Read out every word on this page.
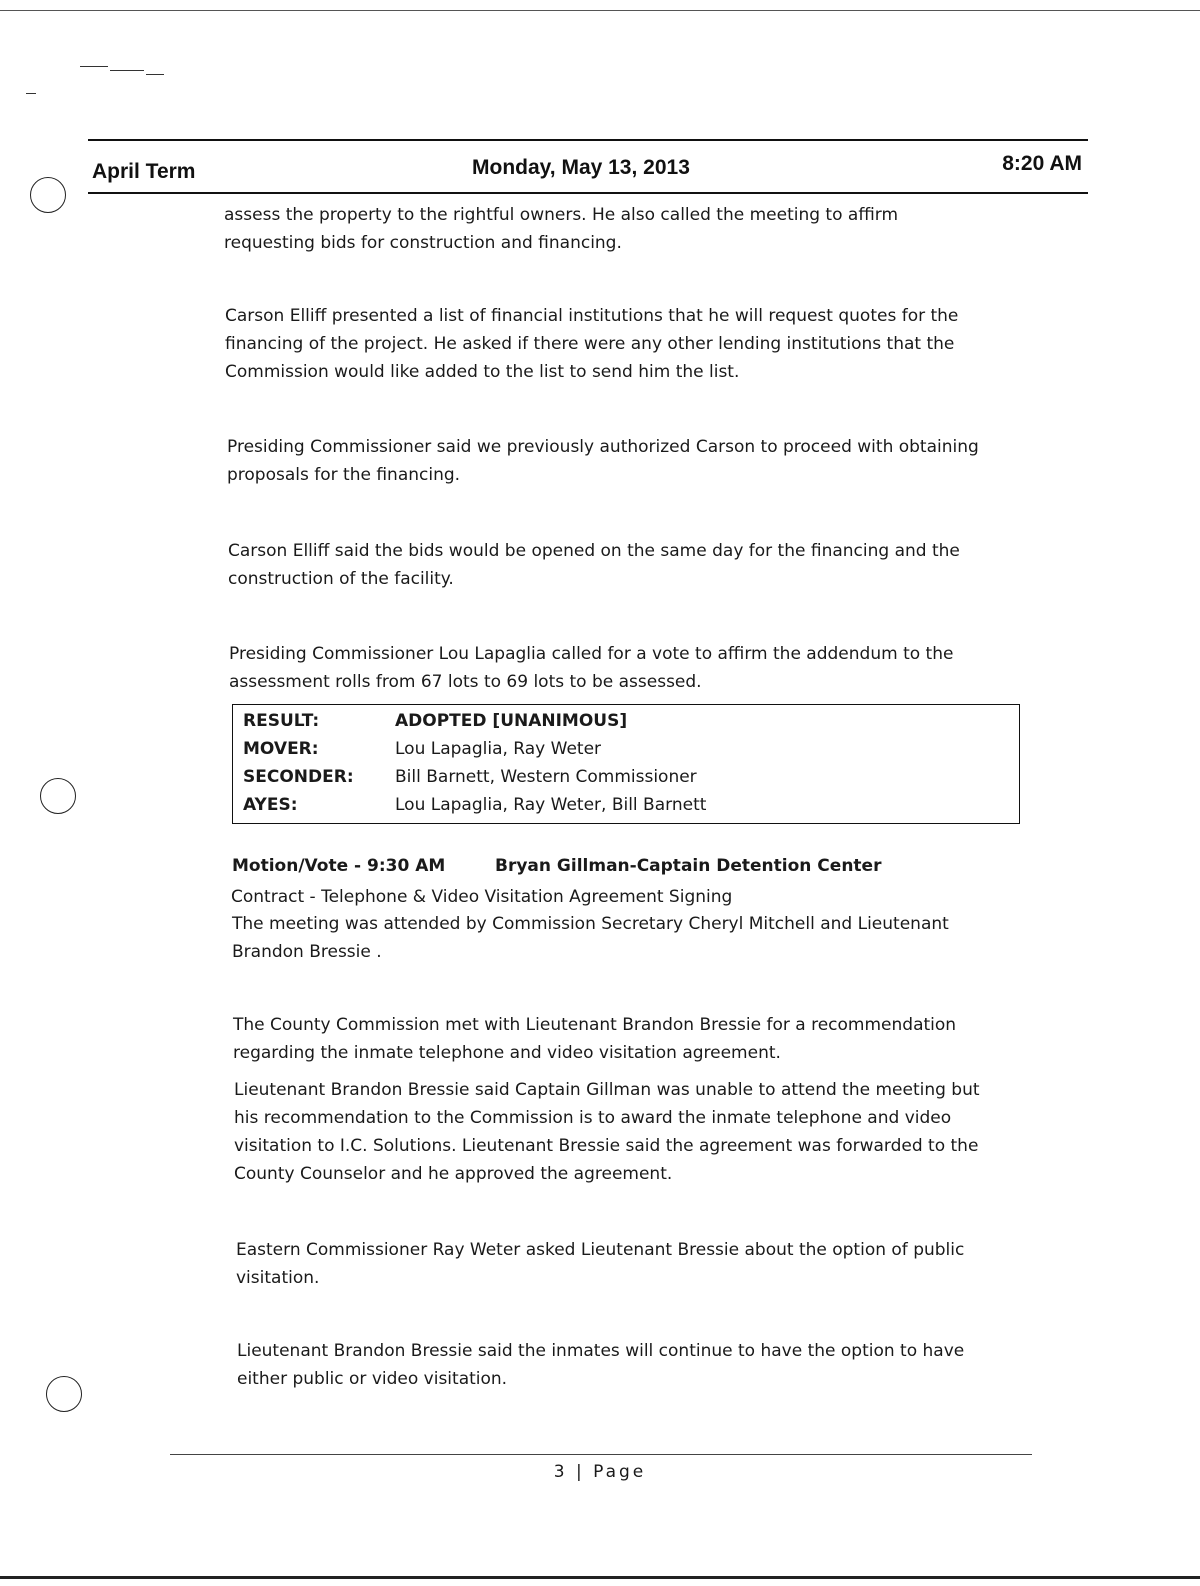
April Term	Monday, May 13, 2013	8:20 AM
assess the property to the rightful owners. He also called the meeting to affirm
requesting bids for construction and financing.
Carson Elliff presented a list of financial institutions that he will request quotes for the
financing of the project. He asked if there were any other lending institutions that the
Commission would like added to the list to send him the list.
Presiding Commissioner said we previously authorized Carson to proceed with obtaining
proposals for the financing.
Carson Elliff said the bids would be opened on the same day for the financing and the
construction of the facility.
Presiding Commissioner Lou Lapaglia called for a vote to affirm the addendum to the
assessment rolls from 67 lots to 69 lots to be assessed.
RESULT:	ADOPTED [UNANIMOUS]
MOVER:	Lou Lapaglia, Ray Weter
SECONDER: Bill Barnett, Western Commissioner
AYES:	Lou Lapaglia, Ray Weter, Bill Barnett
Motion/Vote - 9:30 AM	Bryan Gillman-Captain Detention Center
Contract - Telephone & Video Visitation Agreement Signing
The meeting was attended by Commission Secretary Cheryl Mitchell and Lieutenant
Brandon Bressie .
The County Commission met with Lieutenant Brandon Bressie for a recommendation
regarding the inmate telephone and video visitation agreement.
Lieutenant Brandon Bressie said Captain Gillman was unable to attend the meeting but
his recommendation to the Commission is to award the inmate telephone and video
visitation to I.C. Solutions. Lieutenant Bressie said the agreement was forwarded to the
County Counselor and he approved the agreement.
Eastern Commissioner Ray Weter asked Lieutenant Bressie about the option of public
visitation.
Lieutenant Brandon Bressie said the inmates will continue to have the option to have
either public or video visitation.
3 | Page
